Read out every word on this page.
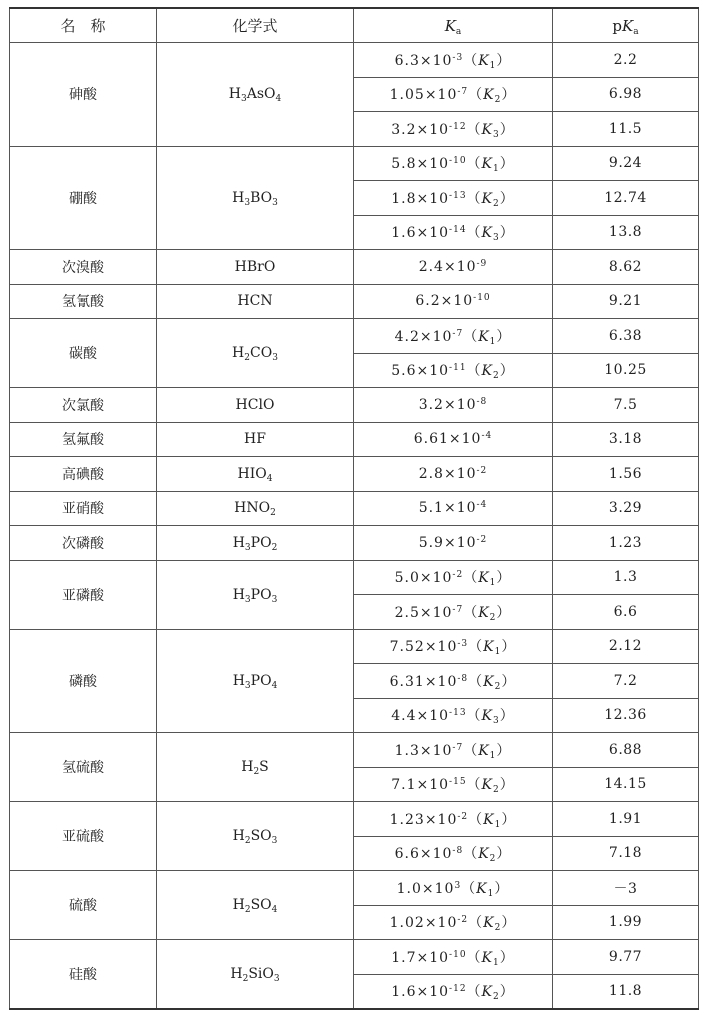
名　称	化学式	$K_a$	$pK_a$
砷酸	$H_3AsO_4$	$6.3\times 10^{-3}(K_1)$	2.2
		$1.05\times 10^{-7}(K_2)$	6.98
		$3.2\times 10^{-12}(K_3)$	11.5
硼酸	$H_3BO_3$	$5.8\times 10^{-10}(K_1)$	9.24
		$1.8\times 10^{-13}(K_2)$	12.74
		$1.6\times 10^{-14}(K_3)$	13.8
次溴酸	HBrO	$2.4\times 10^{-9}$	8.62
氢氰酸	HCN	$6.2\times 10^{-10}$	9.21
碳酸	$H_2CO_3$	$4.2\times 10^{-7}(K_1)$	6.38
		$5.6\times 10^{-11}(K_2)$	10.25
次氯酸	HClO	$3.2\times 10^{-8}$	7.5
氢氟酸	HF	$6.61\times 10^{-4}$	3.18
高碘酸	$HIO_4$	$2.8\times 10^{-2}$	1.56
亚硝酸	$HNO_2$	$5.1\times 10^{-4}$	3.29
次磷酸	$H_3PO_2$	$5.9\times 10^{-2}$	1.23
亚磷酸	$H_3PO_3$	$5.0\times 10^{-2}(K_1)$	1.3
		$2.5\times 10^{-7}(K_2)$	6.6
磷酸	$H_3PO_4$	$7.52\times 10^{-3}(K_1)$	2.12
		$6.31\times 10^{-8}(K_2)$	7.2
		$4.4\times 10^{-13}(K_3)$	12.36
氢硫酸	$H_2S$	$1.3\times 10^{-7}(K_1)$	6.88
		$7.1\times 10^{-15}(K_2)$	14.15
亚硫酸	$H_2SO_3$	$1.23\times 10^{-2}(K_1)$	1.91
		$6.6\times 10^{-8}(K_2)$	7.18
硫酸	$H_2SO_4$	$1.0\times 10^3(K_1)$	－3
		$1.02\times 10^{-2}(K_2)$	1.99
硅酸	$H_2SiO_3$	$1.7\times 10^{-10}(K_1)$	9.77
		$1.6\times 10^{-12}(K_2)$	11.8
